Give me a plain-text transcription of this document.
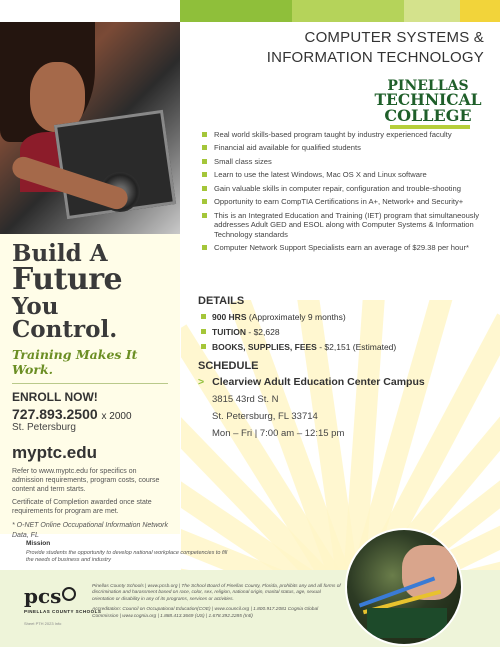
Build A
Future
You Control.
Training Makes It Work.
ENROLL NOW!
727.893.2500 x 2000
St. Petersburg
myptc.edu
Refer to www.myptc.edu for specifics on admission requirements, program costs, course content and term starts.
Certificate of Completion awarded once state requirements for program are met.
* O-NET Online Occupational Information Network Data, FL
COMPUTER SYSTEMS &
INFORMATION TECHNOLOGY
PINELLAS
TECHNICAL
COLLEGE
Real world skills-based program taught by industry experienced faculty
Financial aid available for qualified students
Small class sizes
Learn to use the latest Windows, Mac OS X and Linux software
Gain valuable skills in computer repair, configuration and trouble-shooting
Opportunity to earn CompTIA Certifications in A+, Network+ and Security+
This is an Integrated Education and Training (IET) program that simultaneously addresses Adult GED and ESOL along with Computer Systems & Information Technology standards
Computer Network Support Specialists earn an average of $29.38 per hour*
DETAILS
900 HRS (Approximately 9 months)
TUITION - $2,628
BOOKS, SUPPLIES, FEES - $2,151 (Estimated)
SCHEDULE
> Clearview Adult Education Center Campus
3815 43rd St. N
St. Petersburg, FL 33714
Mon – Fri | 7:00 am – 12:15 pm
Mission
Provide students the opportunity to develop national workplace competencies to fill the needs of business and industry
pcs
PINELLAS COUNTY SCHOOLS

Pinellas County Schools | www.pcsb.org | The School Board of Pinellas County, Florida, prohibits any and all forms of discrimination and harassment based on race, color, sex, religion, national origin, marital status, age, sexual orientation or disability in any of its programs, services or activities.

Accreditation: Council on Occupational Education(COE) | www.council.org | 1.800.917.2081 Cognia Global Commission | www.cognia.org | 1.888.413.3669 (US) | 1.678.392.2285 (Intl)

Sheet PTH 2023 Info
